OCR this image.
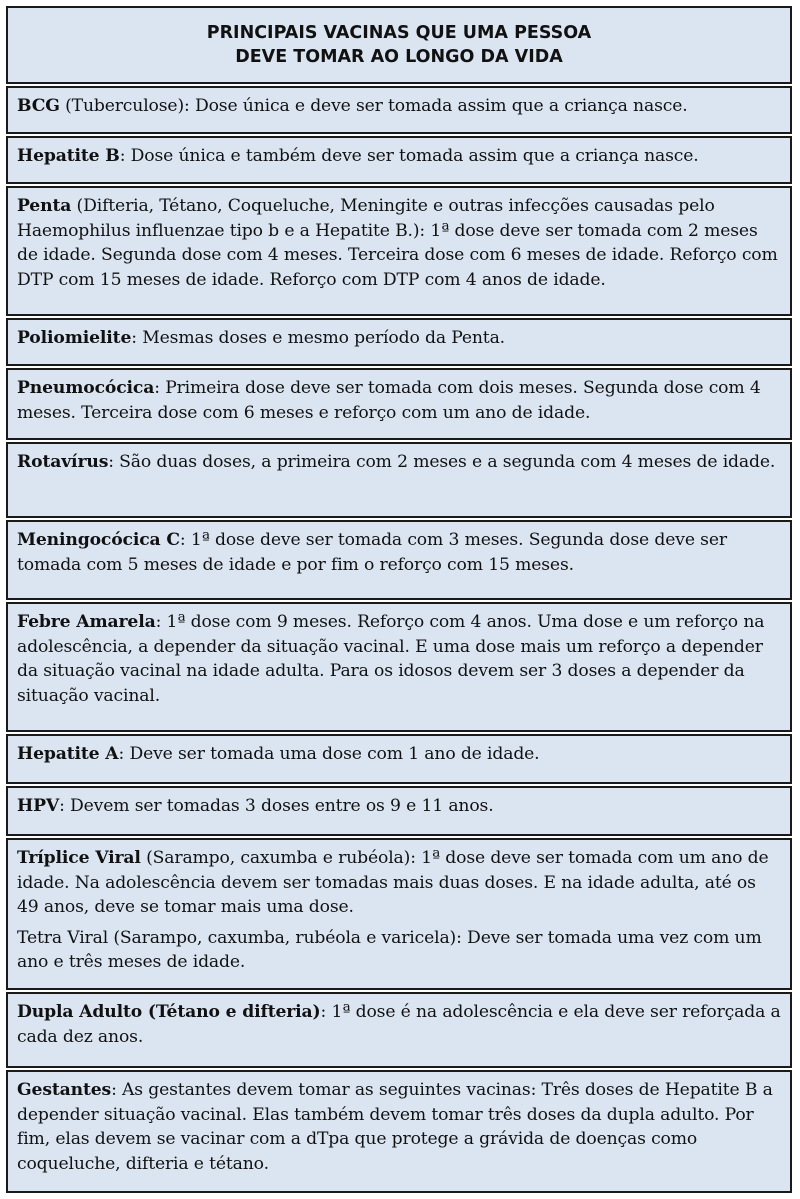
PRINCIPAIS VACINAS QUE UMA PESSOA
DEVE TOMAR AO LONGO DA VIDA

BCG (Tuberculose): Dose única e deve ser tomada assim que a criança nasce.

Hepatite B: Dose única e também deve ser tomada assim que a criança nasce.

Penta (Difteria, Tétano, Coqueluche, Meningite e outras infecções causadas pelo Haemophilus influenzae tipo b e a Hepatite B.): 1ª dose deve ser tomada com 2 meses de idade. Segunda dose com 4 meses. Terceira dose com 6 meses de idade. Reforço com DTP com 15 meses de idade. Reforço com DTP com 4 anos de idade.

Poliomielite: Mesmas doses e mesmo período da Penta.

Pneumocócica: Primeira dose deve ser tomada com dois meses. Segunda dose com 4 meses. Terceira dose com 6 meses e reforço com um ano de idade.

Rotavírus: São duas doses, a primeira com 2 meses e a segunda com 4 meses de idade.

Meningocócica C: 1ª dose deve ser tomada com 3 meses. Segunda dose deve ser tomada com 5 meses de idade e por fim o reforço com 15 meses.

Febre Amarela: 1ª dose com 9 meses. Reforço com 4 anos. Uma dose e um reforço na adolescência, a depender da situação vacinal. E uma dose mais um reforço a depender da situação vacinal na idade adulta. Para os idosos devem ser 3 doses a depender da situação vacinal.

Hepatite A: Deve ser tomada uma dose com 1 ano de idade.

HPV: Devem ser tomadas 3 doses entre os 9 e 11 anos.

Tríplice Viral (Sarampo, caxumba e rubéola): 1ª dose deve ser tomada com um ano de idade. Na adolescência devem ser tomadas mais duas doses. E na idade adulta, até os 49 anos, deve se tomar mais uma dose.

Tetra Viral (Sarampo, caxumba, rubéola e varicela): Deve ser tomada uma vez com um ano e três meses de idade.

Dupla Adulto (Tétano e difteria): 1ª dose é na adolescência e ela deve ser reforçada a cada dez anos.

Gestantes: As gestantes devem tomar as seguintes vacinas: Três doses de Hepatite B a depender situação vacinal. Elas também devem tomar três doses da dupla adulto. Por fim, elas devem se vacinar com a dTpa que protege a grávida de doenças como coqueluche, difteria e tétano.
